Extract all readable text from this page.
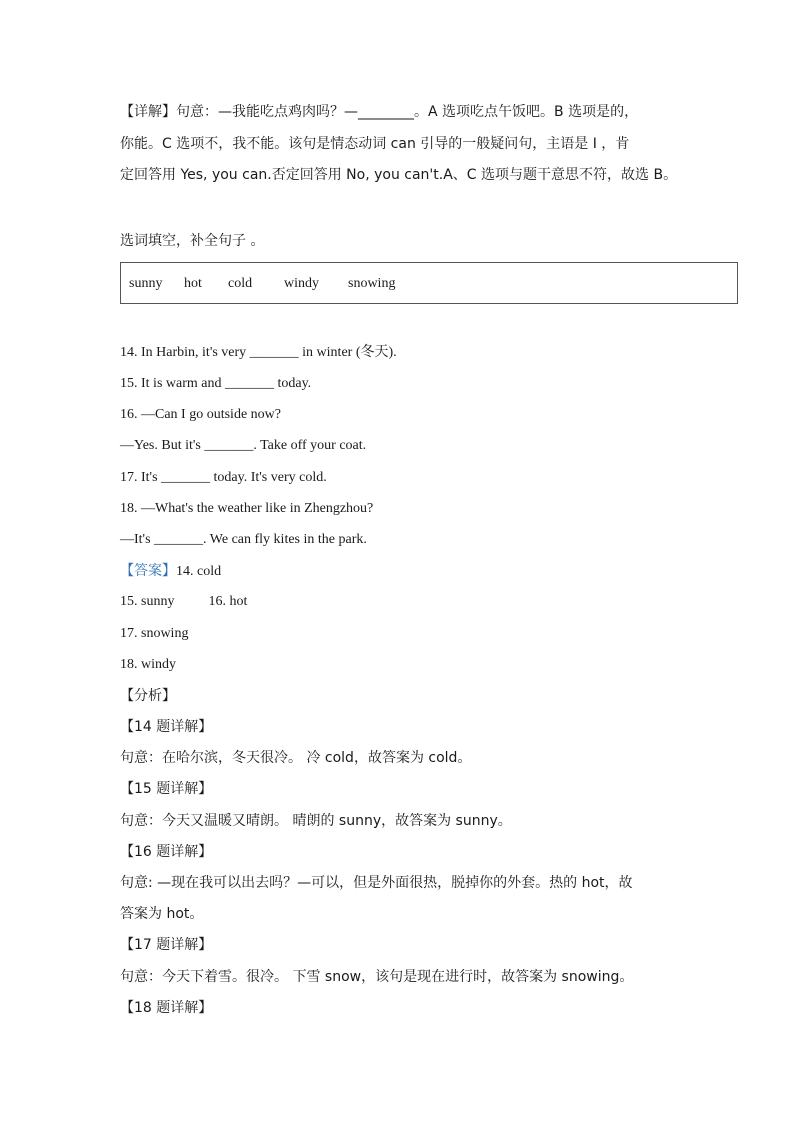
【详解】句意：—我能吃点鸡肉吗？—________。A 选项吃点午饭吧。B 选项是的，
你能。C 选项不，我不能。该句是情态动词 can 引导的一般疑问句，主语是 I ，肯
定回答用 Yes, you can.否定回答用 No, you can't.A、C 选项与题干意思不符，故选 B。
选词填空，补全句子 。
sunny hot cold windy snowing
14. In Harbin, it's very _______ in winter (冬天).
15. It is warm and _______ today.
16. —Can I go outside now?
—Yes. But it's _______. Take off your coat.
17. It's _______ today. It's very cold.
18. —What's the weather like in Zhengzhou?
—It's _______. We can fly kites in the park.
【答案】14. cold
15. sunny 16. hot
17. snowing
18. windy
【分析】
【14 题详解】
句意：在哈尔滨，冬天很冷。 冷 cold，故答案为 cold。
【15 题详解】
句意：今天又温暖又晴朗。 晴朗的 sunny，故答案为 sunny。
【16 题详解】
句意: —现在我可以出去吗？—可以，但是外面很热，脱掉你的外套。热的 hot，故
答案为 hot。
【17 题详解】
句意：今天下着雪。很冷。 下雪 snow，该句是现在进行时，故答案为 snowing。
【18 题详解】
